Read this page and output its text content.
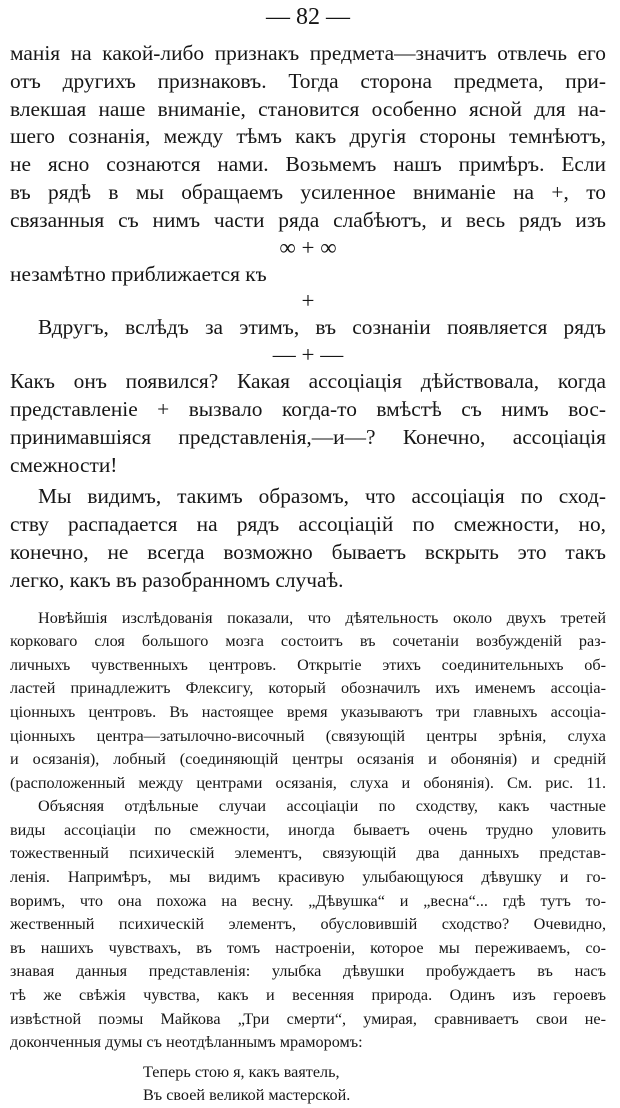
— 82 —
манія на какой-либо признакъ предмета—значитъ отвлечь его
отъ другихъ признаковъ. Тогда сторона предмета, при-
влекшая наше вниманіе, становится особенно ясной для на-
шего сознанія, между тѣмъ какъ другія стороны темнѣютъ,
не ясно сознаются нами. Возьмемъ нашъ примѣръ. Если
въ рядѣ в мы обращаемъ усиленное вниманіе на +, то
связанныя съ нимъ части ряда слабѣютъ, и весь рядъ изъ
∞ + ∞
незамѣтно приближается къ
+
Вдругъ, вслѣдъ за этимъ, въ сознаніи появляется рядъ
— + —
Какъ онъ появился? Какая ассоціація дѣйствовала, когда
представленіе + вызвало когда-то вмѣстѣ съ нимъ вос-
принимавшіяся представленія,—и—? Конечно, ассоціація
смежности!
Мы видимъ, такимъ образомъ, что ассоціація по сход-
ству распадается на рядъ ассоціацій по смежности, но,
конечно, не всегда возможно бываетъ вскрыть это такъ
легко, какъ въ разобранномъ случаѣ.
Новѣйшія изслѣдованія показали, что дѣятельность около двухъ третей
корковаго слоя большого мозга состоитъ въ сочетаніи возбужденій раз-
личныхъ чувственныхъ центровъ. Открытіе этихъ соединительныхъ об-
ластей принадлежитъ Флексигу, который обозначилъ ихъ именемъ ассоціа-
ціонныхъ центровъ. Въ настоящее время указываютъ три главныхъ ассоціа-
ціонныхъ центра—затылочно-височный (связующій центры зрѣнія, слуха
и осязанія), лобный (соединяющій центры осязанія и обонянія) и средній
(расположенный между центрами осязанія, слуха и обонянія). См. рис. 11.
Объясняя отдѣльные случаи ассоціаціи по сходству, какъ частные
виды ассоціаціи по смежности, иногда бываетъ очень трудно уловить
тожественный психическій элементъ, связующій два данныхъ представ-
ленія. Напримѣръ, мы видимъ красивую улыбающуюся дѣвушку и го-
воримъ, что она похожа на весну. „Дѣвушка“ и „весна“... гдѣ тутъ то-
жественный психическій элементъ, обусловившій сходство? Очевидно,
въ нашихъ чувствахъ, въ томъ настроеніи, которое мы переживаемъ, со-
знавая данныя представленія: улыбка дѣвушки пробуждаетъ въ насъ
тѣ же свѣжія чувства, какъ и весенняя природа. Одинъ изъ героевъ
извѣстной поэмы Майкова „Три смерти“, умирая, сравниваетъ свои не-
доконченныя думы съ неотдѣланнымъ мраморомъ:
Теперь стою я, какъ ваятель,
Въ своей великой мастерской.
